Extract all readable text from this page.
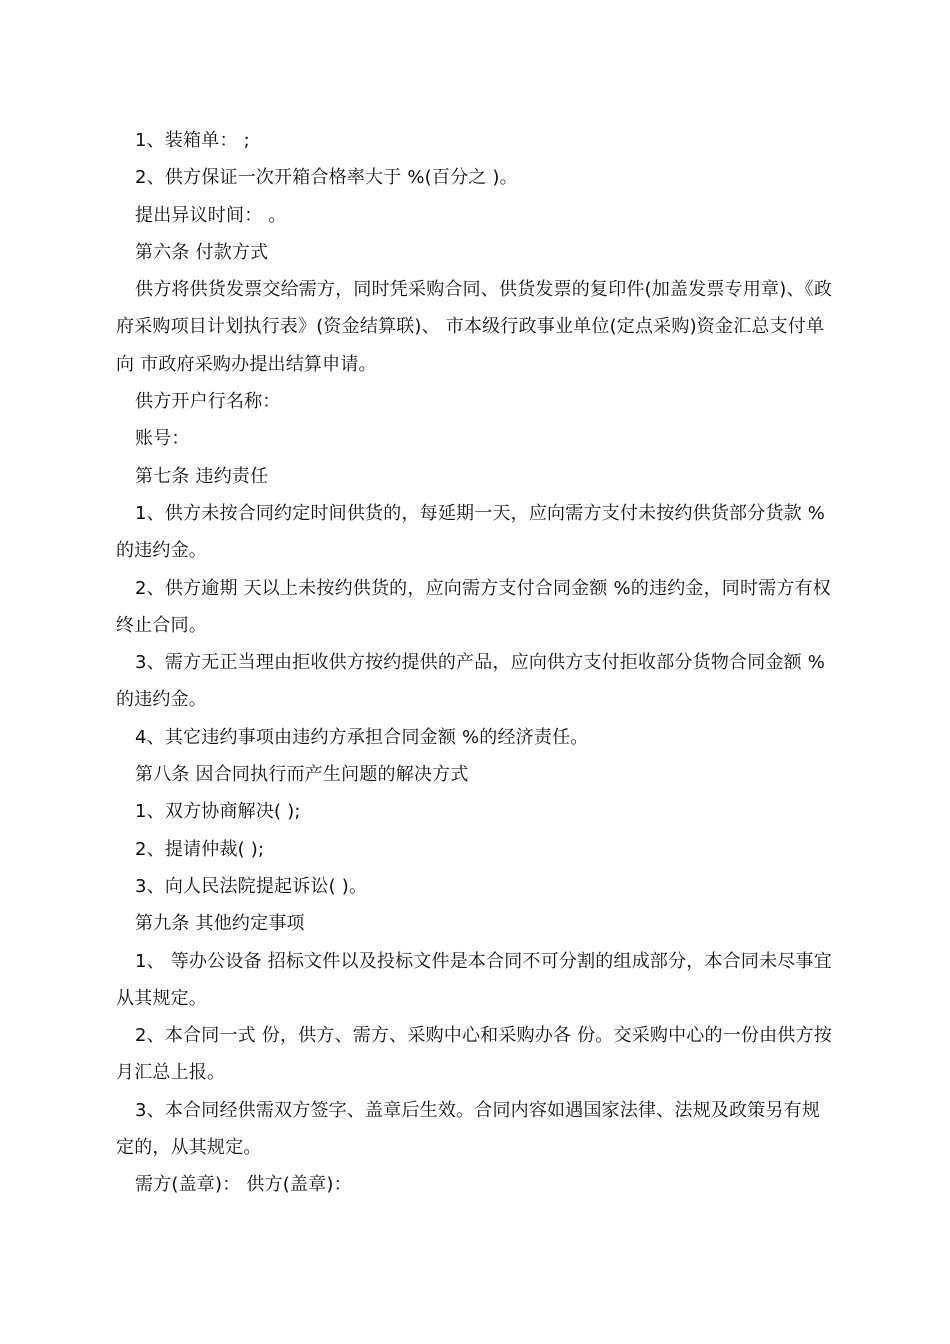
1、装箱单： ;

2、供方保证一次开箱合格率大于 %(百分之 )。

提出异议时间： 。

第六条 付款方式

供方将供货发票交给需方，同时凭采购合同、供货发票的复印件(加盖发票专用章)、《政府采购项目计划执行表》(资金结算联)、 市本级行政事业单位(定点采购)资金汇总支付单向 市政府采购办提出结算申请。

供方开户行名称：

账号：

第七条 违约责任

1、供方未按合同约定时间供货的，每延期一天，应向需方支付未按约供货部分货款 %的违约金。

2、供方逾期 天以上未按约供货的，应向需方支付合同金额 %的违约金，同时需方有权终止合同。

3、需方无正当理由拒收供方按约提供的产品，应向供方支付拒收部分货物合同金额 %的违约金。

4、其它违约事项由违约方承担合同金额 %的经济责任。

第八条 因合同执行而产生问题的解决方式

1、双方协商解决( );

2、提请仲裁( );

3、向人民法院提起诉讼( )。

第九条 其他约定事项

1、 等办公设备 招标文件以及投标文件是本合同不可分割的组成部分，本合同未尽事宜从其规定。

2、本合同一式 份，供方、需方、采购中心和采购办各 份。交采购中心的一份由供方按月汇总上报。

3、本合同经供需双方签字、盖章后生效。合同内容如遇国家法律、法规及政策另有规定的，从其规定。

需方(盖章)： 供方(盖章)：
